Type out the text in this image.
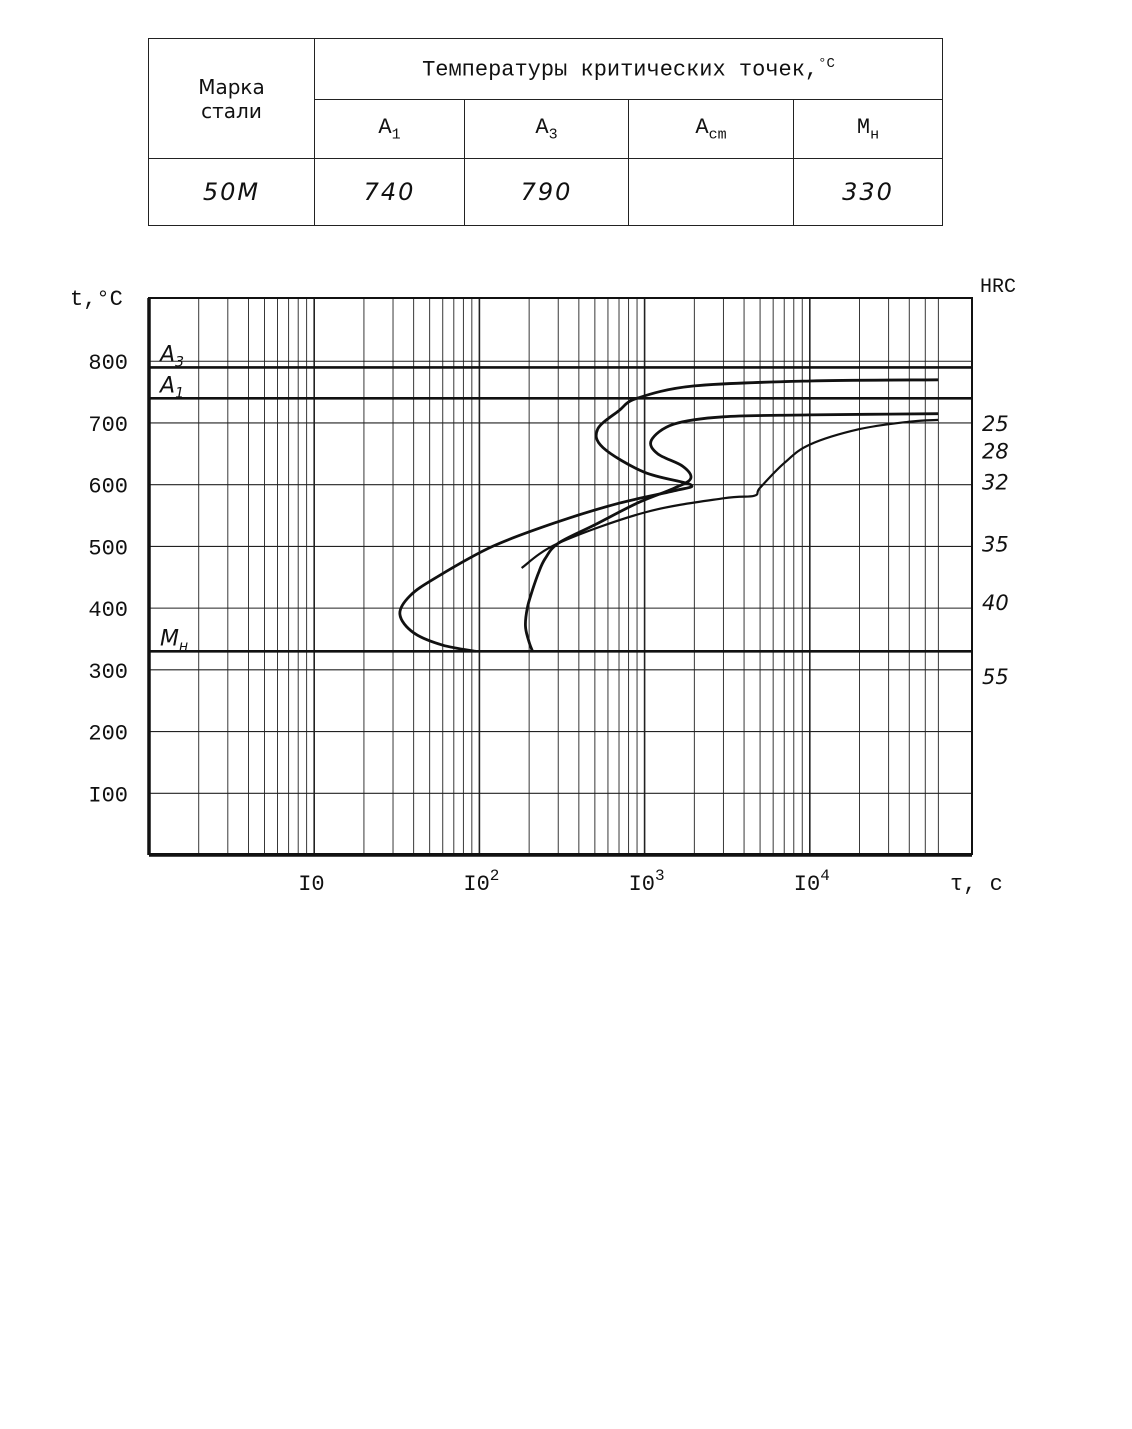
Марка стали	Температуры критических точек,$^{^\circ С}$
	$A_1$	$A_3$	$A_{cm}$	$M_н$
50М	740	790		330
$A_3$
$A_1$
$M_н$
I00
200
300
400
500
600
700
800
I0	$I0^2$	$I0^3$	$I0^4$
25
28
32
35
40
55
t,°С	HRC
τ, с
